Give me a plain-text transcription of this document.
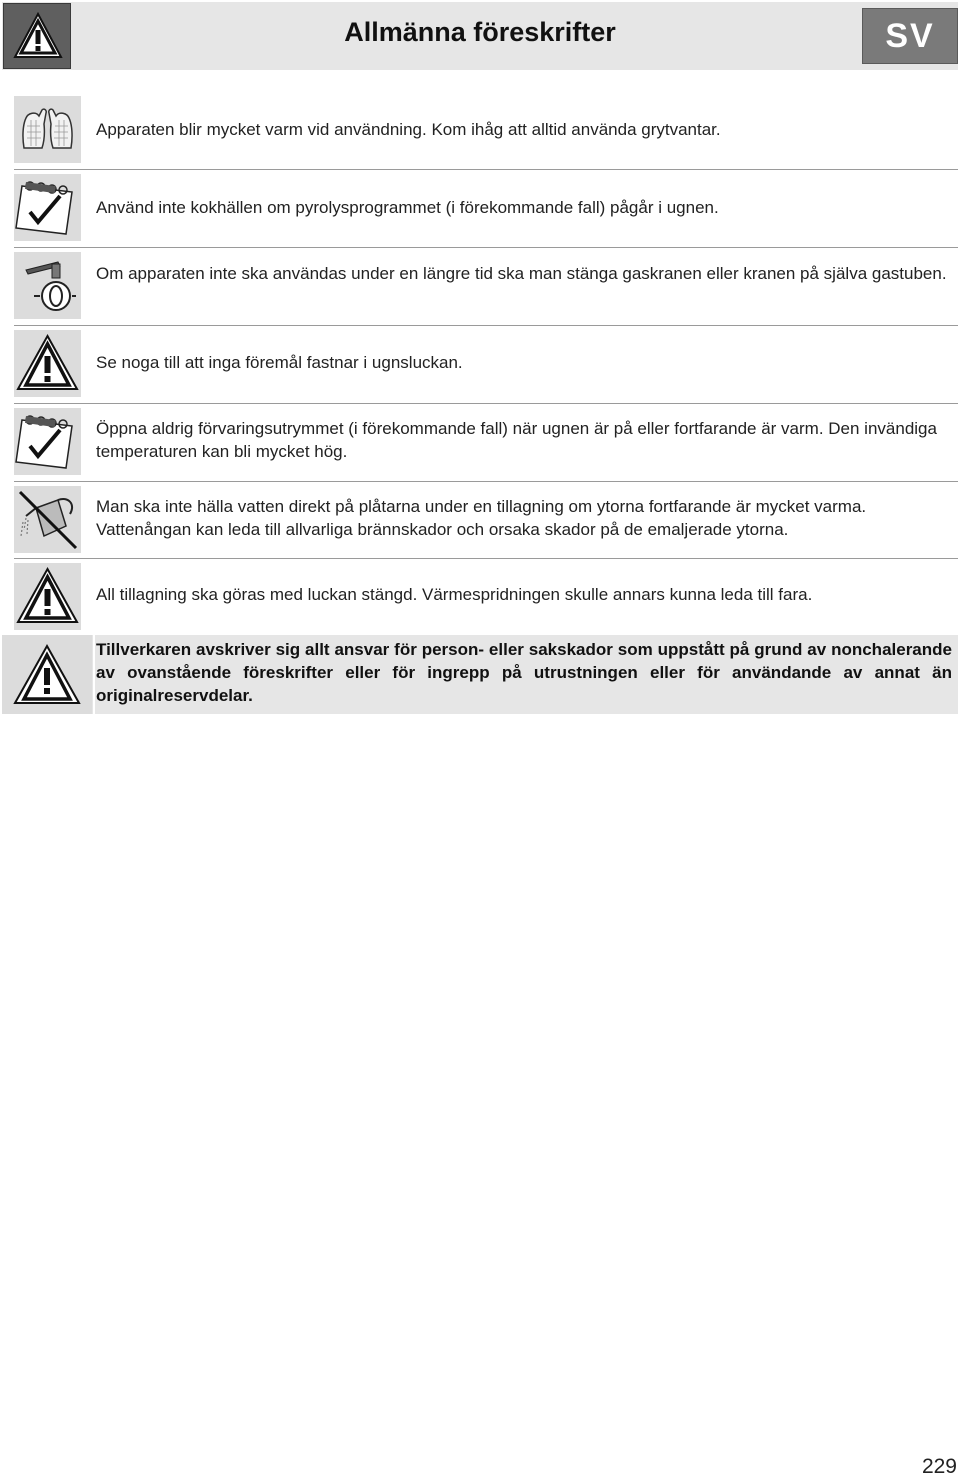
Allmänna föreskrifter	SV
Apparaten blir mycket varm vid användning. Kom ihåg att alltid använda grytvantar.
Använd inte kokhällen om pyrolysprogrammet (i förekommande fall) pågår i ugnen.
Om apparaten inte ska användas under en längre tid ska man stänga gaskranen eller kranen på själva gastuben.
Se noga till att inga föremål fastnar i ugnsluckan.
Öppna aldrig förvaringsutrymmet (i förekommande fall) när ugnen är på eller fortfarande är varm. Den invändiga temperaturen kan bli mycket hög.
Man ska inte hälla vatten direkt på plåtarna under en tillagning om ytorna fortfarande är mycket varma. Vattenångan kan leda till allvarliga brännskador och orsaka skador på de emaljerade ytorna.
All tillagning ska göras med luckan stängd. Värmespridningen skulle annars kunna leda till fara.
Tillverkaren avskriver sig allt ansvar för person- eller sakskador som uppstått på grund av nonchalerande av ovanstående föreskrifter eller för ingrepp på utrustningen eller för användande av annat än originalreservdelar.
229
